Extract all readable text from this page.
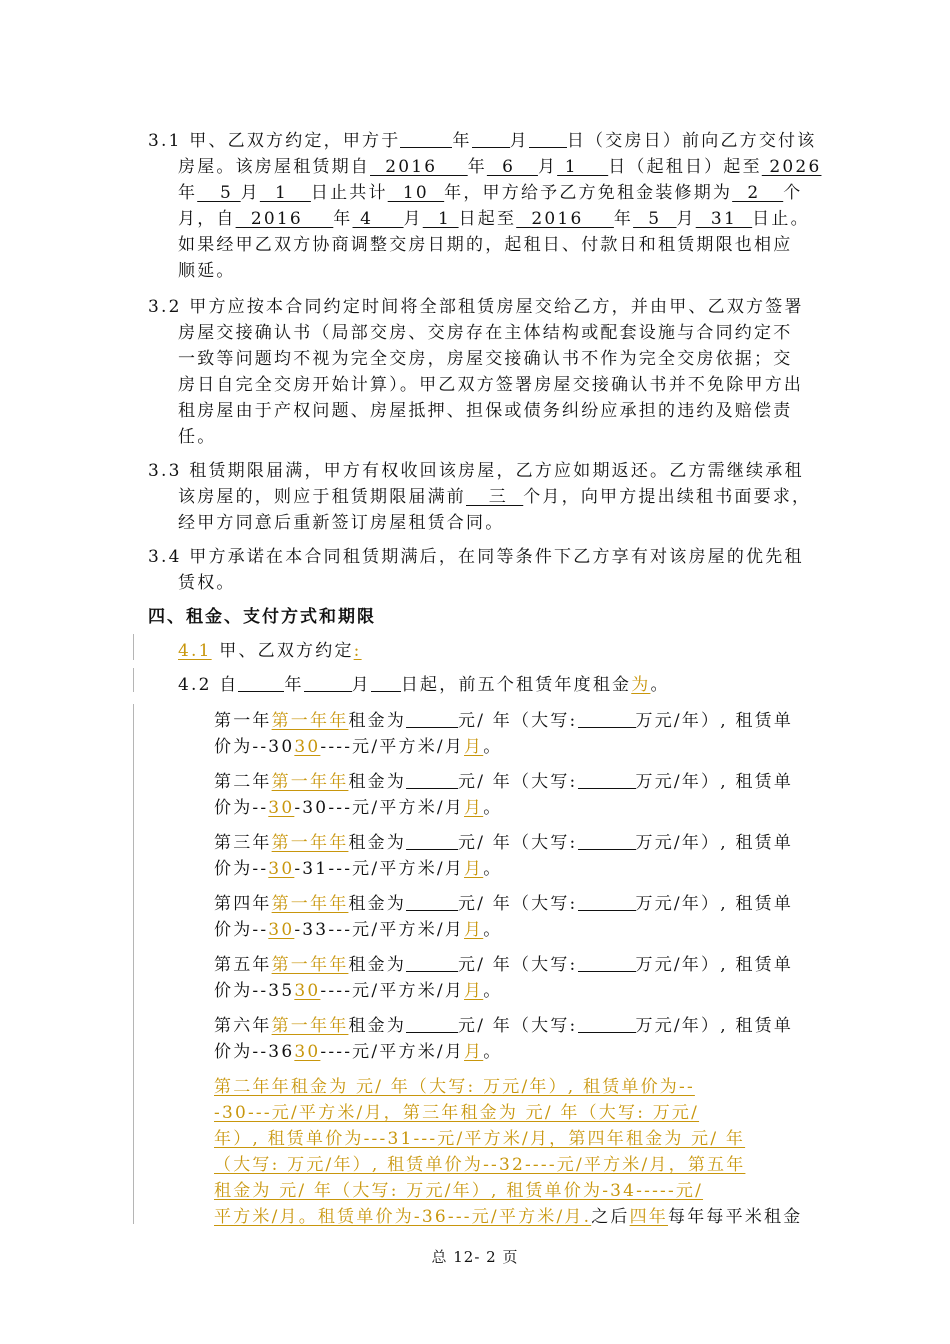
3.1 甲、乙双方约定，甲方于	年 月 日（交房日）前向乙方交付该
房屋。该房屋租赁期自  2016    年  6   月 1    日（起租日）起至 2026
年   5 月  1   日止共计  10  年，甲方给予乙方免租金装修期为  2   个
月，自  2016    年 4    月  1 日起至  2016    年  5  月  31  日止。
如果经甲乙双方协商调整交房日期的，起租日、付款日和租赁期限也相应
顺延。
3.2 甲方应按本合同约定时间将全部租赁房屋交给乙方，并由甲、乙双方签署
房屋交接确认书（局部交房、交房存在主体结构或配套设施与合同约定不
一致等问题均不视为完全交房，房屋交接确认书不作为完全交房依据；交
房日自完全交房开始计算）。甲乙双方签署房屋交接确认书并不免除甲方出
租房屋由于产权问题、房屋抵押、担保或债务纠纷应承担的违约及赔偿责
任。
3.3 租赁期限届满，甲方有权收回该房屋，乙方应如期返还。乙方需继续承租
该房屋的，则应于租赁期限届满前   三  个月，向甲方提出续租书面要求，
经甲方同意后重新签订房屋租赁合同。
3.4 甲方承诺在本合同租赁期满后，在同等条件下乙方享有对该房屋的优先租
赁权。
四、租金、支付方式和期限
4.1 甲、乙双方约定:
4.2 自	年	月 日起，前五个租赁年度租金为。
第一年第一年年租金为	元/ 年（大写:	万元/年）, 租赁单
价为--3030----元/平方米/月月。
第二年第一年年租金为	元/ 年（大写:	万元/年）, 租赁单
价为--30-30---元/平方米/月月。
第三年第一年年租金为	元/ 年（大写:	万元/年）, 租赁单
价为--30-31---元/平方米/月月。
第四年第一年年租金为	元/ 年（大写:	万元/年）, 租赁单
价为--30-33---元/平方米/月月。
第五年第一年年租金为	元/ 年（大写:	万元/年）, 租赁单
价为--3530----元/平方米/月月。
第六年第一年年租金为	元/ 年（大写:	万元/年）, 租赁单
价为--3630----元/平方米/月月。
第二年年租金为 元/ 年（大写: 万元/年）, 租赁单价为--
-30---元/平方米/月，第三年租金为 元/ 年（大写: 万元/
年）, 租赁单价为---31---元/平方米/月，第四年租金为 元/ 年
（大写: 万元/年）, 租赁单价为--32----元/平方米/月，第五年
租金为 元/ 年（大写: 万元/年）, 租赁单价为-34-----元/
平方米/月。租赁单价为-36---元/平方米/月.之后四年每年每平米租金
总 12- 2 页
